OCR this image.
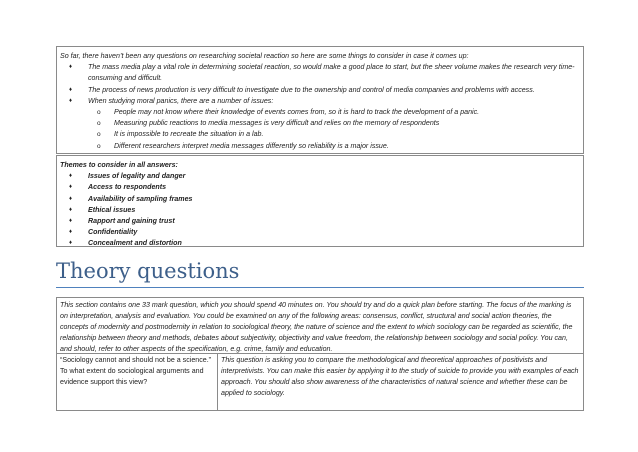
So far, there haven’t been any questions on researching societal reaction so here are some things to consider in case it comes up:
♦ The mass media play a vital role in determining societal reaction, so would make a good place to start, but the sheer volume makes the research very time-consuming and difficult.
♦ The process of news production is very difficult to investigate due to the ownership and control of media companies and problems with access.
♦ When studying moral panics, there are a number of issues:
o People may not know where their knowledge of events comes from, so it is hard to track the development of a panic.
o Measuring public reactions to media messages is very difficult and relies on the memory of respondents
o It is impossible to recreate the situation in a lab.
o Different researchers interpret media messages differently so reliability is a major issue.
Themes to consider in all answers:
♦ Issues of legality and danger
♦ Access to respondents
♦ Availability of sampling frames
♦ Ethical issues
♦ Rapport and gaining trust
♦ Confidentiality
♦ Concealment and distortion
Theory questions
This section contains one 33 mark question, which you should spend 40 minutes on. You should try and do a quick plan before starting. The focus of the marking is on interpretation, analysis and evaluation. You could be examined on any of the following areas: consensus, conflict, structural and social action theories, the concepts of modernity and postmodernity in relation to sociological theory, the nature of science and the extent to which sociology can be regarded as scientific, the relationship between theory and methods, debates about subjectivity, objectivity and value freedom, the relationship between sociology and social policy. You can, and should, refer to other aspects of the specification, e.g. crime, family and education.
“Sociology cannot and should not be a science.” To what extent do sociological arguments and evidence support this view?
This question is asking you to compare the methodological and theoretical approaches of positivists and interpretivists. You can make this easier by applying it to the study of suicide to provide you with examples of each approach. You should also show awareness of the characteristics of natural science and whether these can be applied to sociology.
